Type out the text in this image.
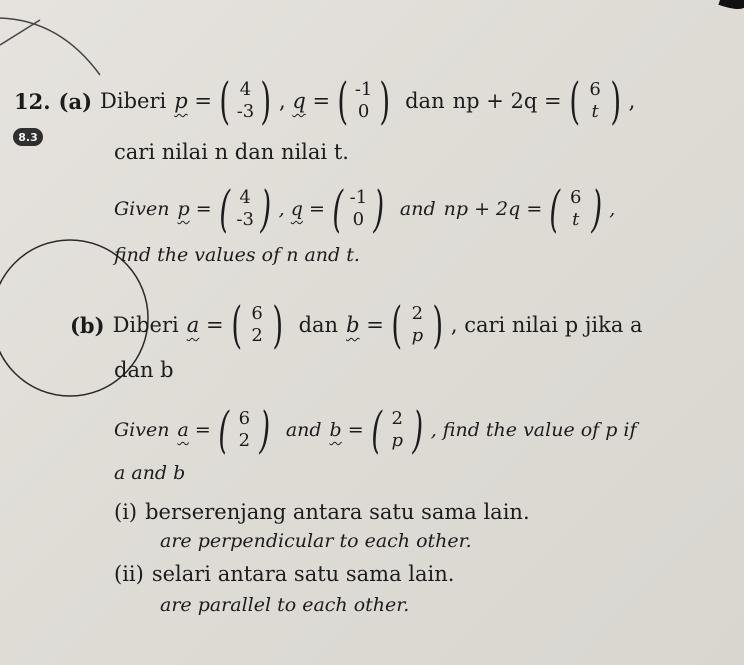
12. (a) Diberi p = ( 4
-3 ) , q = ( -1
0 ) dan np + 2q = ( 6
t ) ,
8.3
cari nilai n dan nilai t.
Given p = ( 4
-3 ) , q = ( -1
0 ) and np + 2q = ( 6
t ) ,
find the values of n and t.
(b) Diberi a = ( 6
2 ) dan b = ( 2
p ) , cari nilai p jika a
dan b
Given a = ( 6
2 ) and b = ( 2
p ) , find the value of p if
a and b
(i) berserenjang antara satu sama lain.
are perpendicular to each other.
(ii) selari antara satu sama lain.
are parallel to each other.
